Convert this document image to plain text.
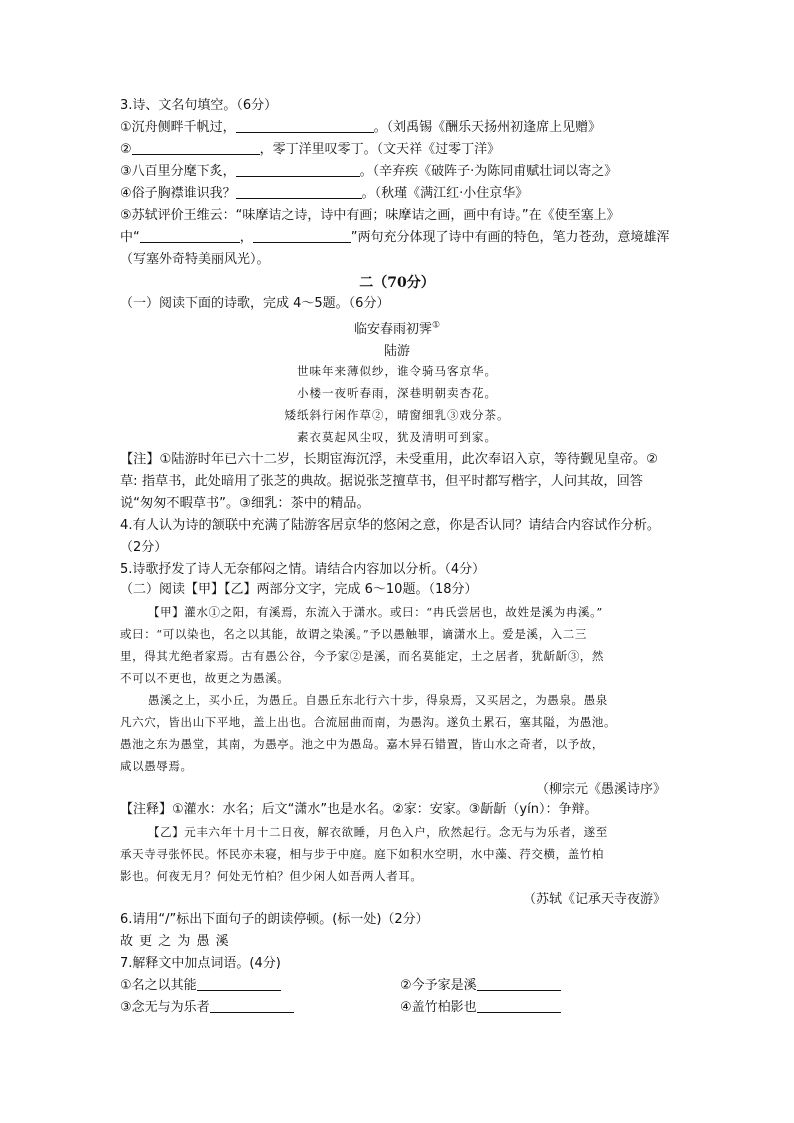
3.诗、文名句填空。（6分）
①沉舟侧畔千帆过，	。（刘禹锡《酬乐天扬州初逢席上见赠》
②	，零丁洋里叹零丁。（文天祥《过零丁洋》
③八百里分麾下炙，	。（辛弃疾《破阵子·为陈同甫赋壮词以寄之》
④俗子胸襟谁识我？	。（秋瑾《满江红·小住京华》
⑤苏轼评价王维云：“味摩诘之诗，诗中有画；味摩诘之画，画中有诗。”在《使至塞上》
中“	，	”两句充分体现了诗中有画的特色，笔力苍劲，意境雄浑
（写塞外奇特美丽风光）。
二（70分）
（一）阅读下面的诗歌，完成 4～5题。（6分）
临安春雨初霁①
陆游
世味年来薄似纱，谁令骑马客京华。
小楼一夜听春雨，深巷明朝卖杏花。
矮纸斜行闲作草②，晴窗细乳③戏分茶。
素衣莫起风尘叹，犹及清明可到家。
【注】①陆游时年已六十二岁，长期宦海沉浮，未受重用，此次奉诏入京，等待觐见皇帝。②
草: 指草书，此处暗用了张芝的典故。据说张芝擅草书，但平时都写楷字，人问其故，回答
说“匆匆不暇草书”。③细乳：茶中的精品。
4.有人认为诗的颔联中充满了陆游客居京华的悠闲之意，你是否认同？请结合内容试作分析。
（2分）
5.诗歌抒发了诗人无奈郁闷之情。请结合内容加以分析。（4分）
（二）阅读【甲】【乙】两部分文字，完成 6～10题。（18分）
【甲】灌水①之阳，有溪焉，东流入于潇水。或曰：“冉氏尝居也，故姓是溪为冉溪。”
或曰：“可以染也，名之以其能，故谓之染溪。”予以愚触罪，谪潇水上。爱是溪，入二三
里，得其尤绝者家焉。古有愚公谷，今予家②是溪，而名莫能定，土之居者，犹龂龂③，然
不可以不更也，故更之为愚溪。
愚溪之上，买小丘，为愚丘。自愚丘东北行六十步，得泉焉，又买居之，为愚泉。愚泉
凡六穴，皆出山下平地，盖上出也。合流屈曲而南，为愚沟。遂负土累石，塞其隘，为愚池。
愚池之东为愚堂，其南，为愚亭。池之中为愚岛。嘉木异石错置，皆山水之奇者，以予故，
咸以愚辱焉。
（柳宗元《愚溪诗序》
【注释】①灌水：水名；后文“潇水”也是水名。②家：安家。③龂龂（yín）：争辩。
【乙】元丰六年十月十二日夜，解衣欲睡，月色入户，欣然起行。念无与为乐者，遂至
承天寺寻张怀民。怀民亦未寝，相与步于中庭。庭下如积水空明，水中藻、荇交横，盖竹柏
影也。何夜无月？何处无竹柏？但少闲人如吾两人者耳。
（苏轼《记承天寺夜游》
6.请用“/”标出下面句子的朗读停顿。(标一处)（2分）
故 更 之 为 愚 溪
7.解释文中加点词语。(4分)
①名之以其能	②今予家是溪
③念无与为乐者	④盖竹柏影也
